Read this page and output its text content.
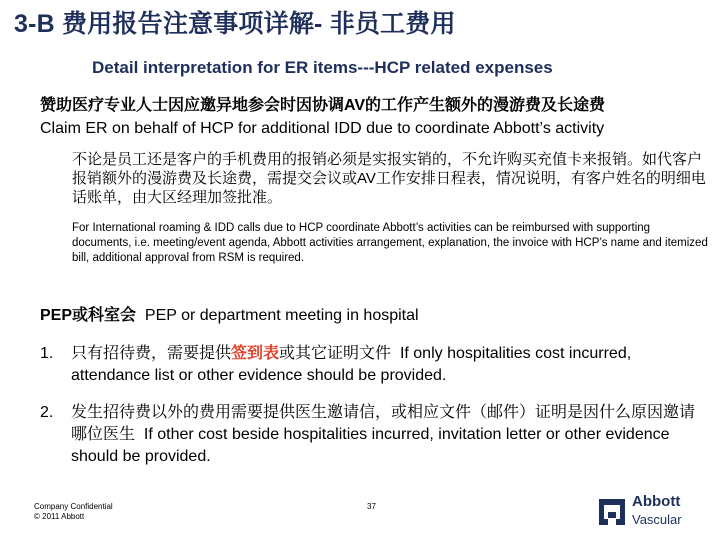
3-B 费用报告注意事项详解- 非员工费用
Detail interpretation for ER items---HCP related expenses
赞助医疗专业人士因应邀异地参会时因协调AV的工作产生额外的漫游费及长途费
Claim ER on behalf of HCP for additional IDD due to coordinate Abbott’s activity
不论是员工还是客户的手机费用的报销必须是实报实销的，不允许购买充值卡来报销。如代客户报销额外的漫游费及长途费，需提交会议或AV工作安排日程表，情况说明，有客户姓名的明细电话账单，由大区经理加签批准。
For International roaming & IDD calls due to HCP coordinate Abbott’s activities can be reimbursed with supporting documents, i.e. meeting/event agenda, Abbott activities arrangement, explanation, the invoice with HCP’s name and itemized bill, additional approval from RSM is required.
PEP或科室会 PEP or department meeting in hospital
1. 只有招待费，需要提供签到表或其它证明文件 If only hospitalities cost incurred, attendance list or other evidence should be provided.
2. 发生招待费以外的费用需要提供医生邀请信，或相应文件（邮件）证明是因什么原因邀请哪位医生 If other cost beside hospitalities incurred, invitation letter or other evidence should be provided.
Company Confidential
© 2011 Abbott
37	Abbott
Vascular
